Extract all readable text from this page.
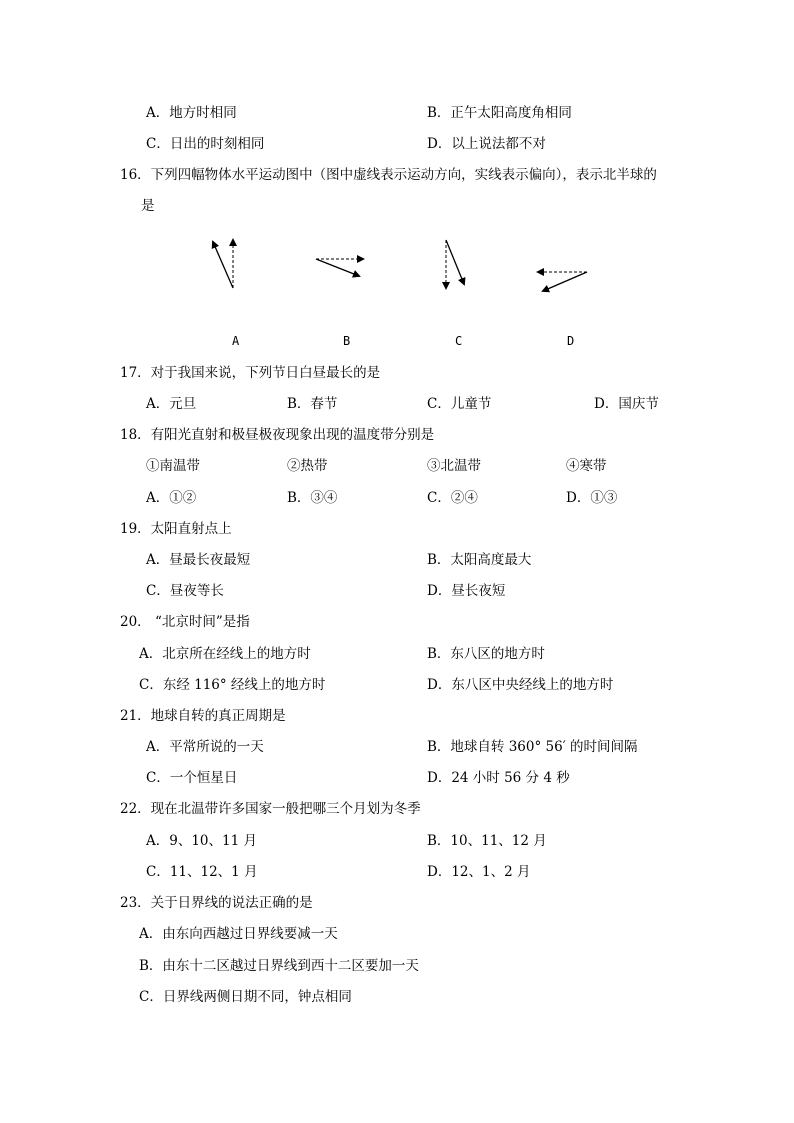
A．地方时相同	B．正午太阳高度角相同
C．日出的时刻相同	D．以上说法都不对
16．下列四幅物体水平运动图中（图中虚线表示运动方向，实线表示偏向），表示北半球的
是
A	B	C	D
17．对于我国来说，下列节日白昼最长的是
A．元旦	B．春节	C．儿童节	D．国庆节
18．有阳光直射和极昼极夜现象出现的温度带分别是
①南温带	②热带	③北温带	④寒带
A．①②	B．③④	C．②④	D．①③
19．太阳直射点上
A．昼最长夜最短	B．太阳高度最大
C．昼夜等长	D．昼长夜短
20． “北京时间”是指
A．北京所在经线上的地方时	B．东八区的地方时
C．东经 116° 经线上的地方时	D．东八区中央经线上的地方时
21．地球自转的真正周期是
A．平常所说的一天	B．地球自转 360° 56′ 的时间间隔
C．一个恒星日	D．24 小时 56 分 4 秒
22．现在北温带许多国家一般把哪三个月划为冬季
A．9、10、11 月	B．10、11、12 月
C．11、12、1 月	D．12、1、2 月
23．关于日界线的说法正确的是
A．由东向西越过日界线要减一天
B．由东十二区越过日界线到西十二区要加一天
C．日界线两侧日期不同，钟点相同
